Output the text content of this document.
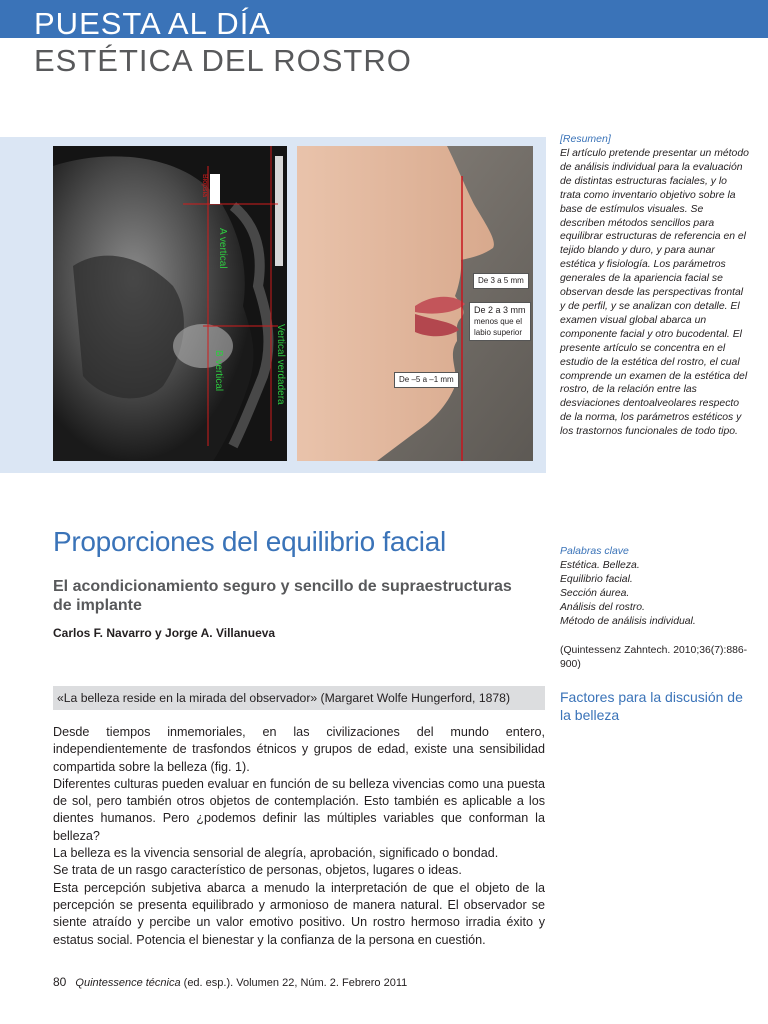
PUESTA AL DÍA
ESTÉTICA DEL ROSTRO
Biopsia
A vertical
B vertical	Vertical verdadera
De 3 a 5 mm
De 2 a 3 mm
menos que el
labio superior
De –5 a –1 mm
[Resumen]
El artículo pretende presentar un método de análisis individual para la evaluación de distintas estructuras faciales, y lo trata como inventario objetivo sobre la base de estímulos visuales. Se describen métodos sencillos para equilibrar estructuras de referencia en el tejido blando y duro, y para aunar estética y fisiología. Los parámetros generales de la apariencia facial se observan desde las perspectivas frontal y de perfil, y se analizan con detalle. El examen visual global abarca un componente facial y otro bucodental. El presente artículo se concentra en el estudio de la estética del rostro, el cual comprende un examen de la estética del rostro, de la relación entre las desviaciones dentoalveolares respecto de la norma, los parámetros estéticos y los trastornos funcionales de todo tipo.
Palabras clave
Estética. Belleza.
Equilibrio facial.
Sección áurea.
Análisis del rostro.
Método de análisis individual.
(Quintessenz Zahntech. 2010;36(7):886-900)
Factores para la discusión de la belleza
Proporciones del equilibrio facial
El acondicionamiento seguro y sencillo de supraestructuras de implante
Carlos F. Navarro y Jorge A. Villanueva
«La belleza reside en la mirada del observador» (Margaret Wolfe Hungerford, 1878)

Desde tiempos inmemoriales, en las civilizaciones del mundo entero, independientemente de trasfondos étnicos y grupos de edad, existe una sensibilidad compartida sobre la belleza (fig. 1).

Diferentes culturas pueden evaluar en función de su belleza vivencias como una puesta de sol, pero también otros objetos de contemplación. Esto también es aplicable a los dientes humanos. Pero ¿podemos definir las múltiples variables que conforman la belleza?

La belleza es la vivencia sensorial de alegría, aprobación, significado o bondad.

Se trata de un rasgo característico de personas, objetos, lugares o ideas.

Esta percepción subjetiva abarca a menudo la interpretación de que el objeto de la percepción se presenta equilibrado y armonioso de manera natural. El observador se siente atraído y percibe un valor emotivo positivo. Un rostro hermoso irradia éxito y estatus social. Potencia el bienestar y la confianza de la persona en cuestión.

80 Quintessence técnica (ed. esp.). Volumen 22, Núm. 2. Febrero 2011
